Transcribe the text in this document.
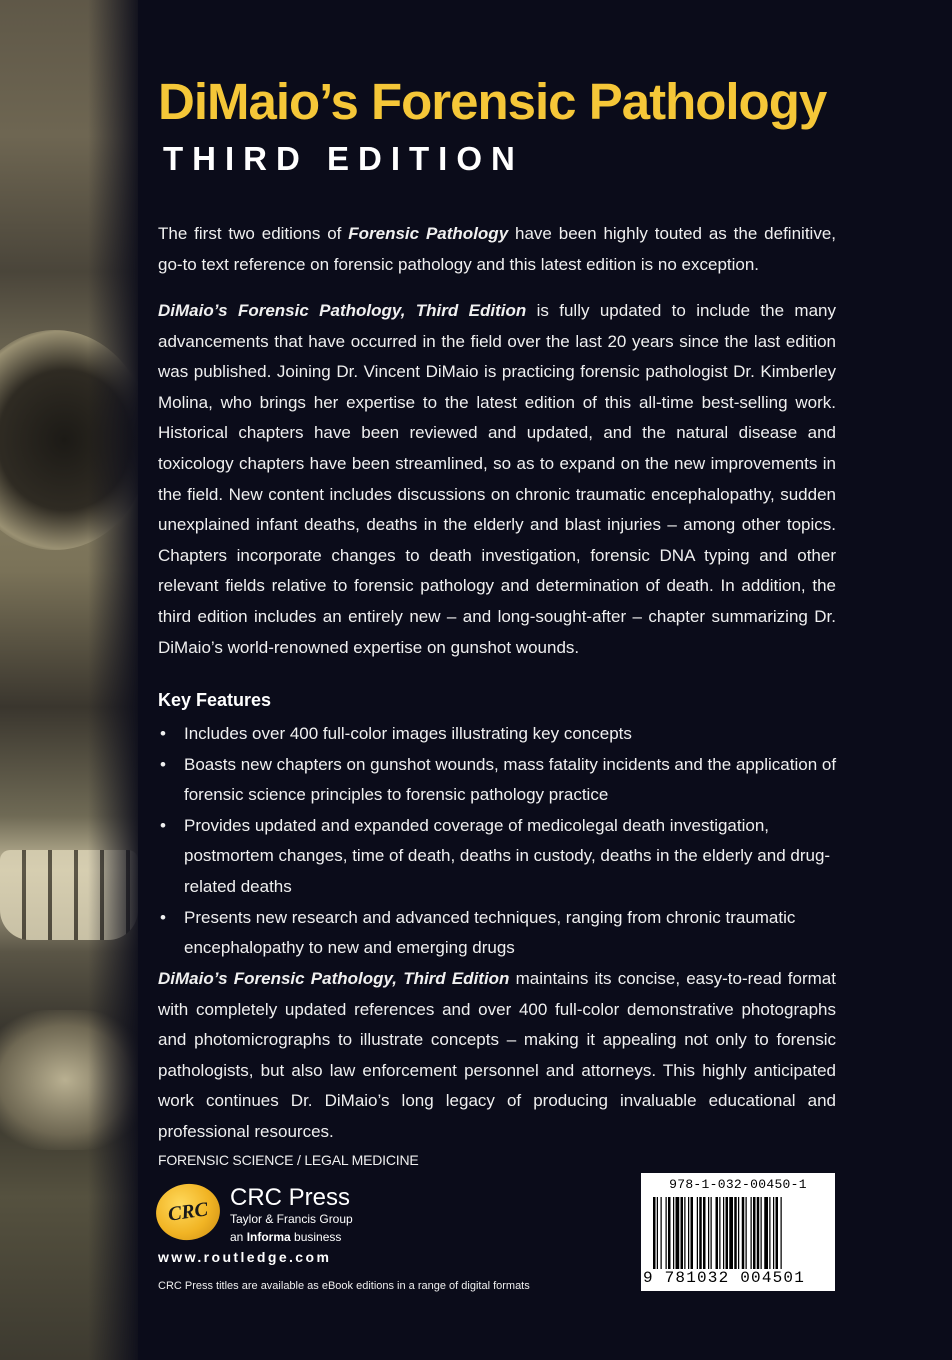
DiMaio’s Forensic Pathology
THIRD EDITION

The first two editions of Forensic Pathology have been highly touted as the definitive, go-to text reference on forensic pathology and this latest edition is no exception.

DiMaio’s Forensic Pathology, Third Edition is fully updated to include the many advancements that have occurred in the field over the last 20 years since the last edition was published. Joining Dr. Vincent DiMaio is practicing forensic pathologist Dr. Kimberley Molina, who brings her expertise to the latest edition of this all-time best-selling work. Historical chapters have been reviewed and updated, and the natural disease and toxicology chapters have been streamlined, so as to expand on the new improvements in the field. New content includes discussions on chronic traumatic encephalopathy, sudden unexplained infant deaths, deaths in the elderly and blast injuries – among other topics. Chapters incorporate changes to death investigation, forensic DNA typing and other relevant fields relative to forensic pathology and determination of death. In addition, the third edition includes an entirely new – and long-sought-after – chapter summarizing Dr. DiMaio’s world-renowned expertise on gunshot wounds.

Key Features
• Includes over 400 full-color images illustrating key concepts
• Boasts new chapters on gunshot wounds, mass fatality incidents and the application of forensic science principles to forensic pathology practice
• Provides updated and expanded coverage of medicolegal death investigation, postmortem changes, time of death, deaths in custody, deaths in the elderly and drug-related deaths
• Presents new research and advanced techniques, ranging from chronic traumatic encephalopathy to new and emerging drugs

DiMaio’s Forensic Pathology, Third Edition maintains its concise, easy-to-read format with completely updated references and over 400 full-color demonstrative photographs and photomicrographs to illustrate concepts – making it appealing not only to forensic pathologists, but also law enforcement personnel and attorneys. This highly anticipated work continues Dr. DiMaio’s long legacy of producing invaluable educational and professional resources.

FORENSIC SCIENCE / LEGAL MEDICINE
CRC
CRC Press
Taylor & Francis Group
an Informa business
www.routledge.com
CRC Press titles are available as eBook editions in a range of digital formats
978-1-032-00450-1
9 781032 004501
